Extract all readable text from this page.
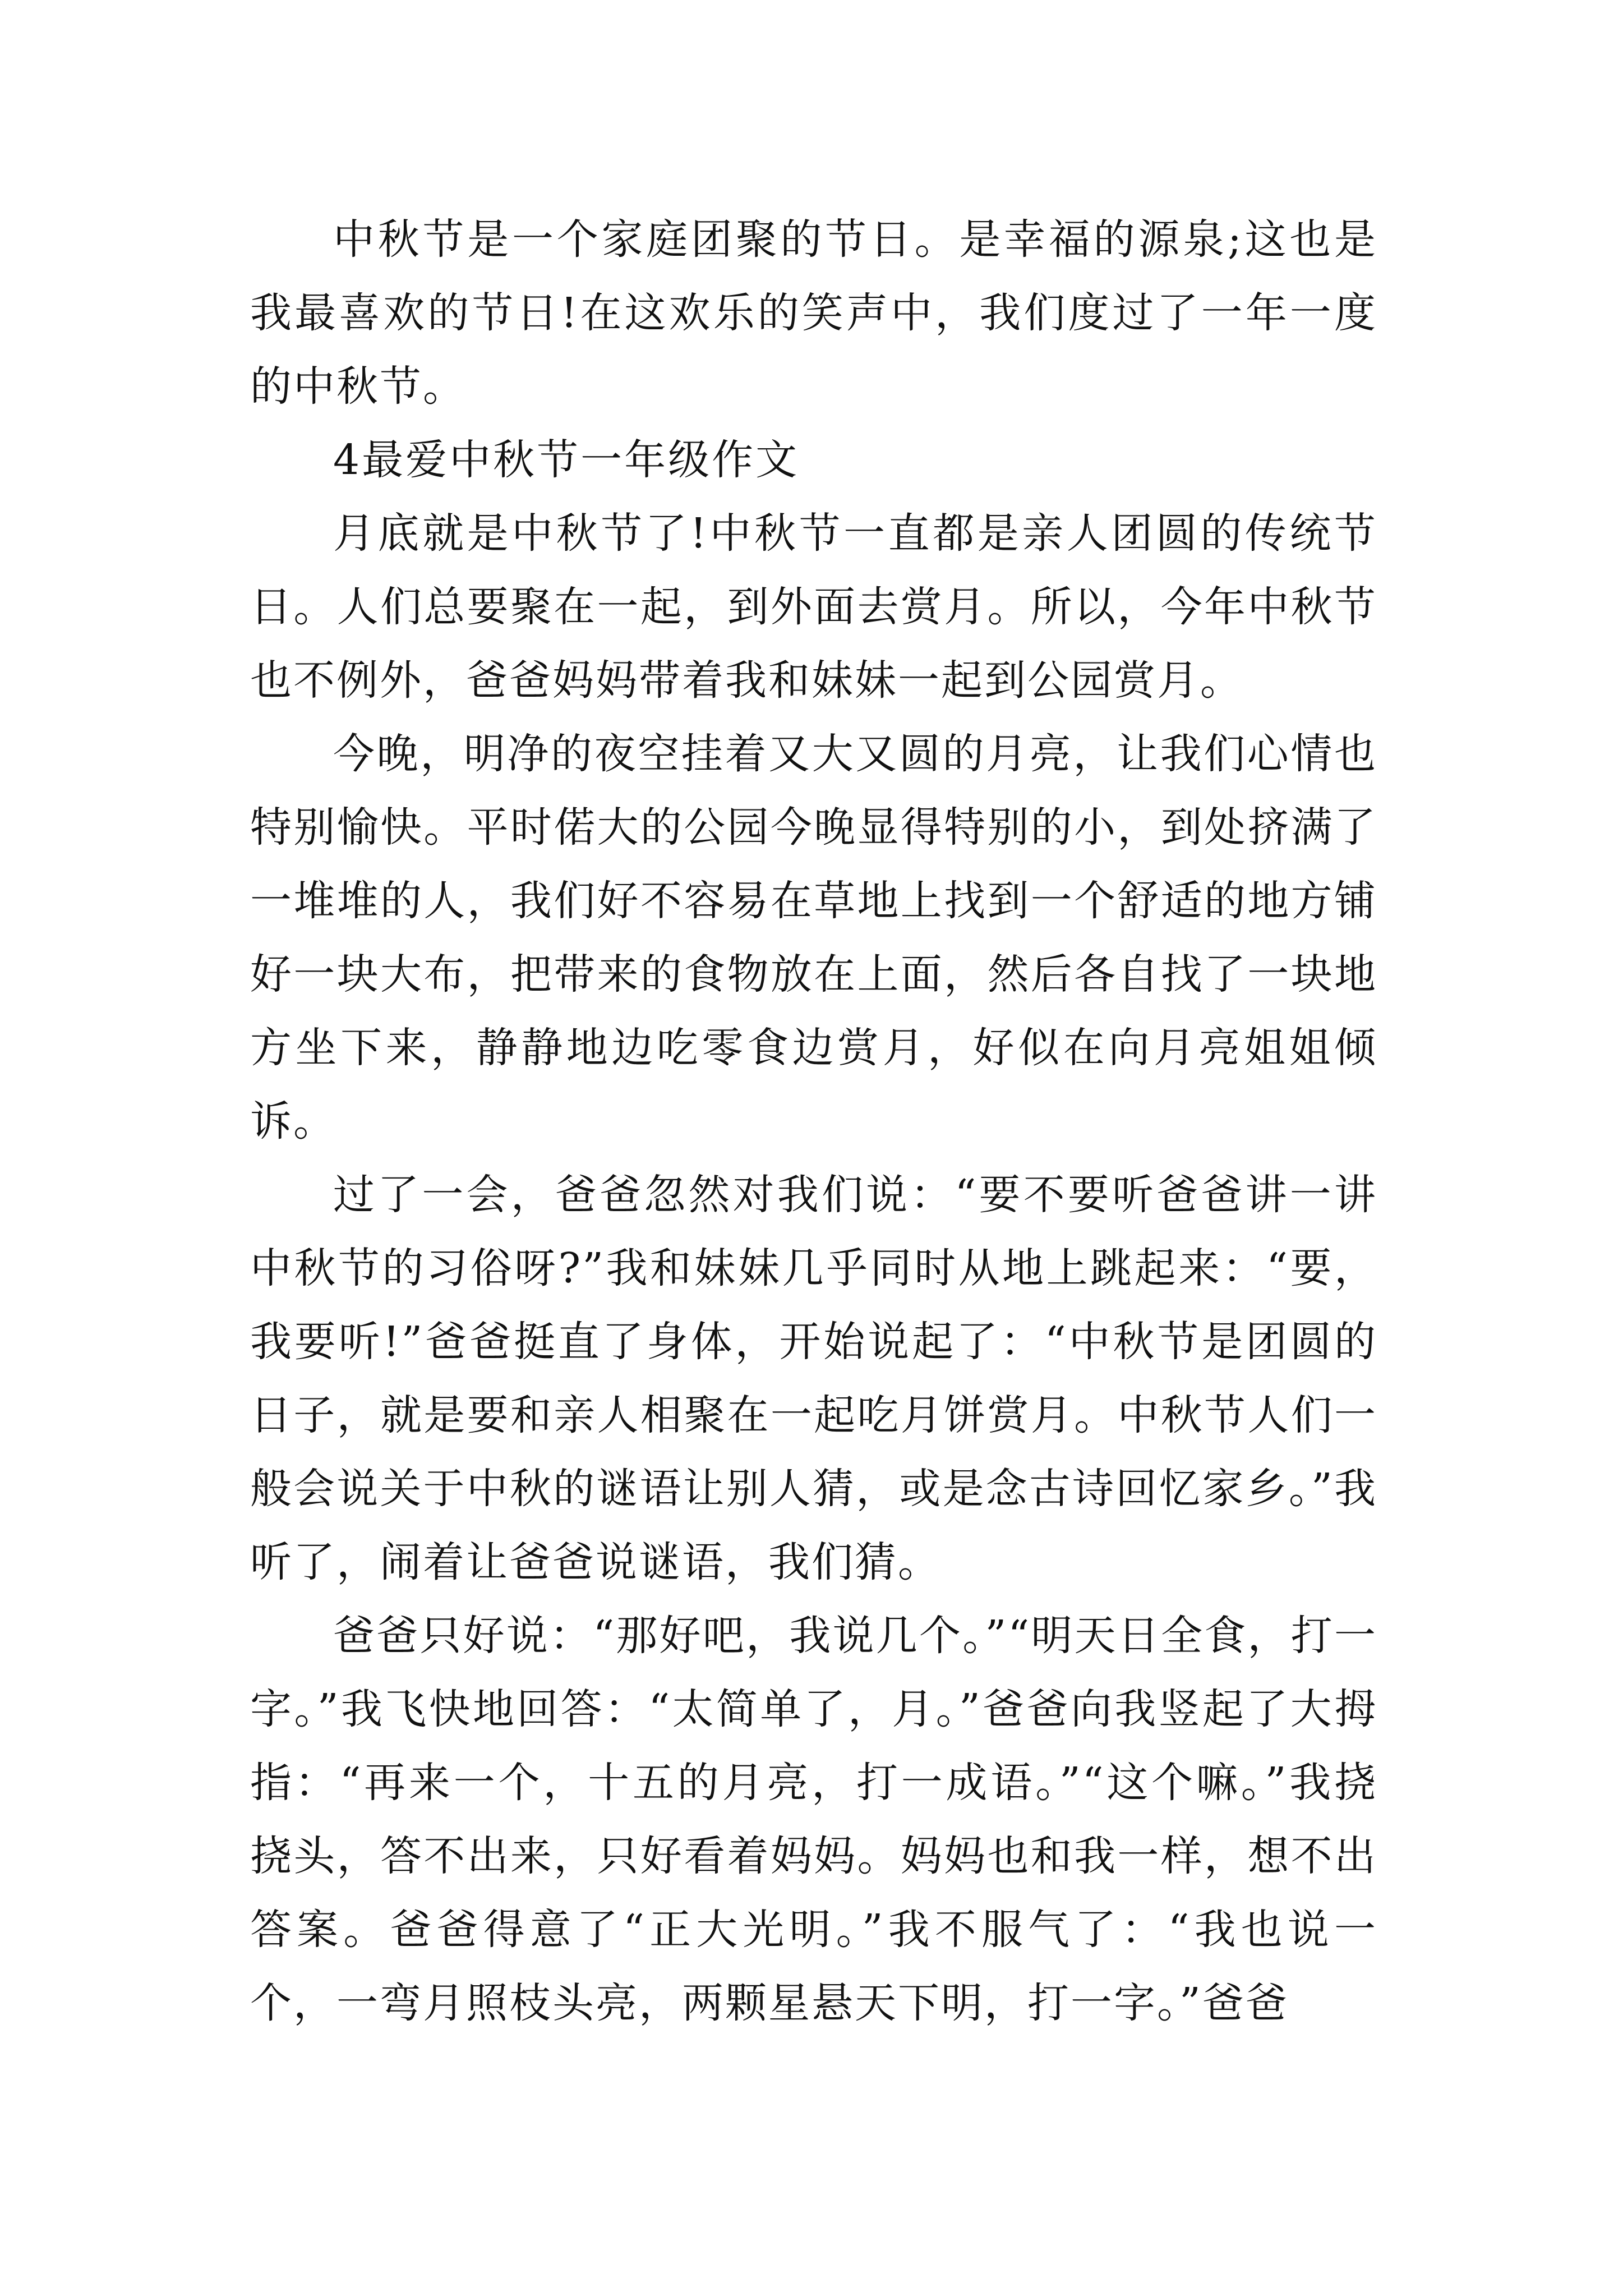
中秋节是一个家庭团聚的节日。是幸福的源泉;这也是我最喜欢的节日!在这欢乐的笑声中，我们度过了一年一度的中秋节。

4最爱中秋节一年级作文

月底就是中秋节了!中秋节一直都是亲人团圆的传统节日。人们总要聚在一起，到外面去赏月。所以，今年中秋节也不例外，爸爸妈妈带着我和妹妹一起到公园赏月。

今晚，明净的夜空挂着又大又圆的月亮，让我们心情也特别愉快。平时偌大的公园今晚显得特别的小，到处挤满了一堆堆的人，我们好不容易在草地上找到一个舒适的地方铺好一块大布，把带来的食物放在上面，然后各自找了一块地方坐下来，静静地边吃零食边赏月，好似在向月亮姐姐倾诉。

过了一会，爸爸忽然对我们说：“要不要听爸爸讲一讲中秋节的习俗呀?”我和妹妹几乎同时从地上跳起来：“要，我要听!”爸爸挺直了身体，开始说起了：“中秋节是团圆的日子，就是要和亲人相聚在一起吃月饼赏月。中秋节人们一般会说关于中秋的谜语让别人猜，或是念古诗回忆家乡。”我听了，闹着让爸爸说谜语，我们猜。

爸爸只好说：“那好吧，我说几个。”“明天日全食，打一字。”我飞快地回答：“太简单了，月。”爸爸向我竖起了大拇指：“再来一个，十五的月亮，打一成语。”“这个嘛。”我挠挠头，答不出来，只好看着妈妈。妈妈也和我一样，想不出答案。爸爸得意了“正大光明。”我不服气了：“我也说一个，一弯月照枝头亮，两颗星悬天下明，打一字。”爸爸
